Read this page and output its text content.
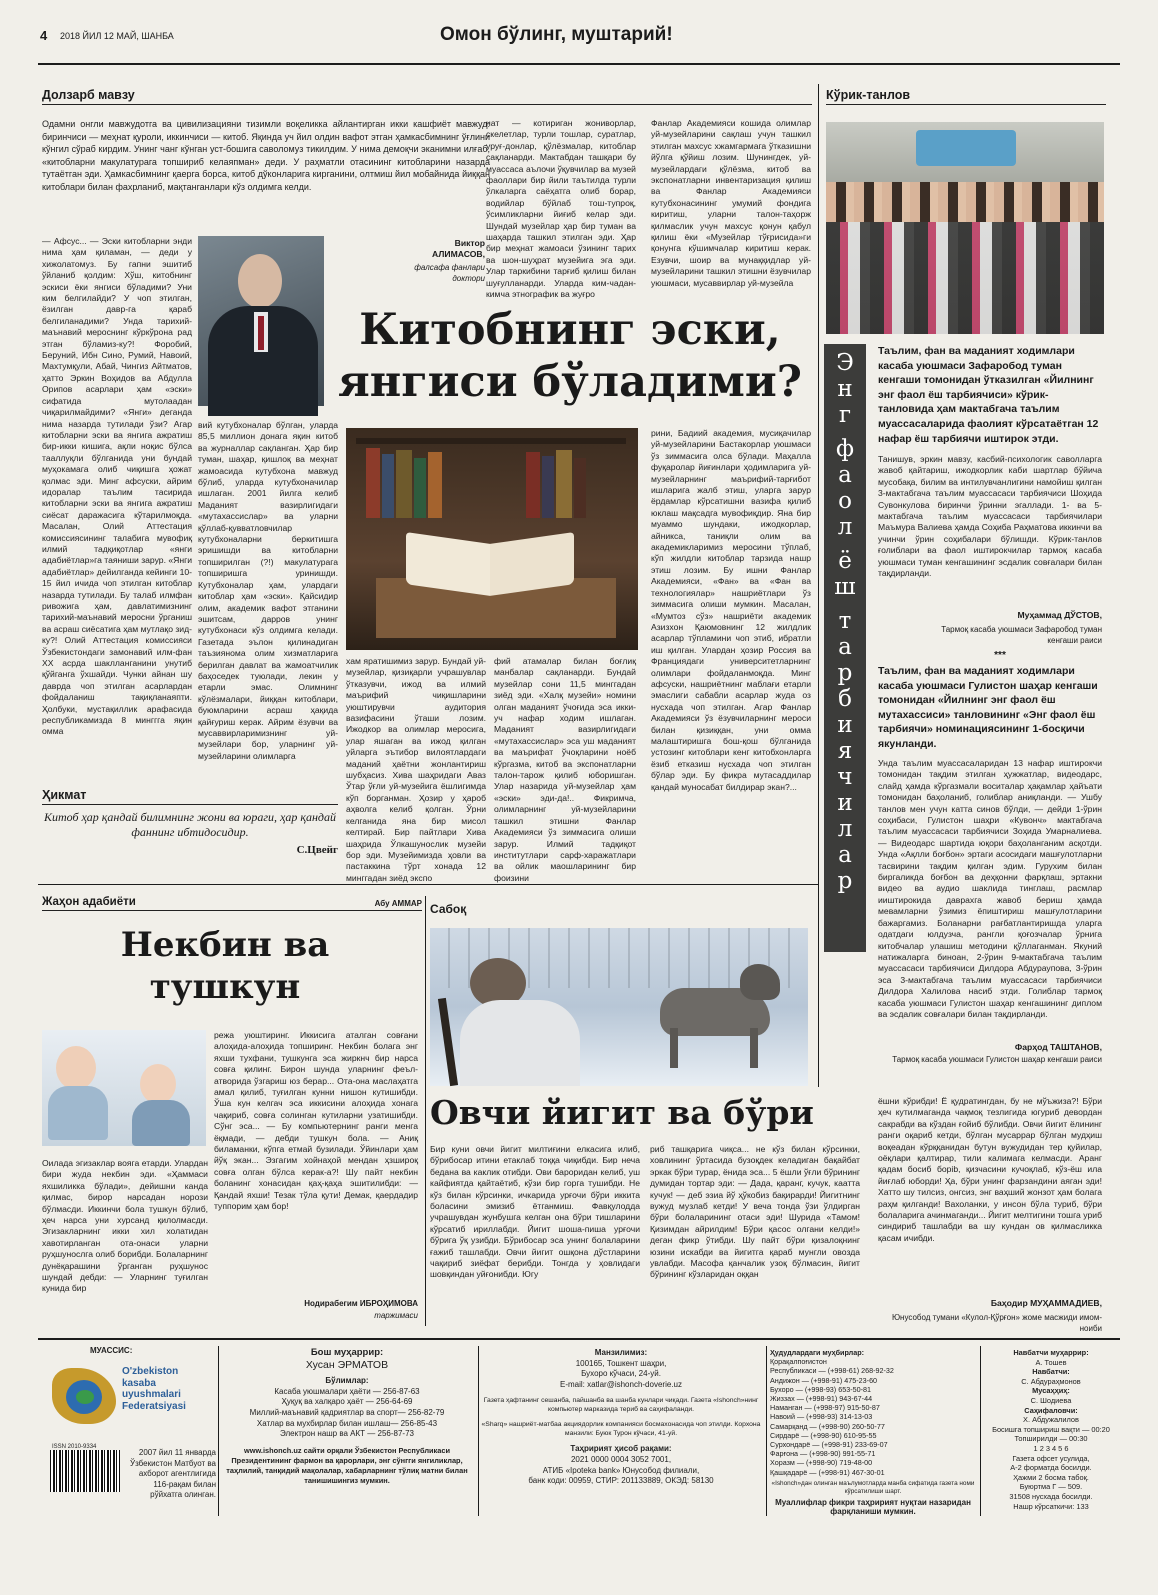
4 2018 ЙИЛ 12 МАЙ, ШАНБА	Омон бўлинг, муштарий!
Долзарб мавзу
Одамни онгли мавжудотга ва цивилизацияни тизимли воқеликка айлантирган икки кашфиёт мавжуд: биринчиси — меҳнат қуроли, иккинчиси — китоб. Яқинда уч йил олдин вафот этган ҳамкасбимнинг ўғлини кўнгил сўраб кирдим. Унинг чанг кўнган уст-бошига саволомуз тикилдим. У нима демоқчи эканимни илғаб, «китобларни макулатурага топшириб келаяпман» деди. У раҳматли отасининг китобларини назарда тутаётган эди. Ҳамкасбимнинг қаерга борса, китоб дўконларига кирганини, олтмиш йил мобайнида йиққан китоблари билан фахрланиб, мақтанганлари кўз олдимга келди.
— Афсус... — Эски китобларни энди нима ҳам қиламан, — деди у хижолатомуз. Бу гапни эшитиб ўйланиб қолдим: Хўш, китобнинг эскиси ёки янгиси бўладими? Уни ким белгилайди? У чоп этилган, ёзилган давр-га қараб белгиланадими? Унда тарихий-маънавий мероснинг кўркўрона рад этган бўламиз-ку?! Форобий, Беруний, Ибн Сино, Румий, Навоий, Махтумқули, Абай, Чингиз Айтматов, ҳатто Эркин Воҳидов ва Абдулла Орипов асарлари ҳам «эски» сифатида мутолаадан чиқарилмайдими? «Янги» деганда нима назарда тутилади ўзи? Агар китобларни эски ва янгига ажратиш бир-икки кишига, ақли ноқис бўлса тааллуқли бўлганида уни бундай муҳокамага олиб чиқишга ҳожат қолмас эди. Минг афсуски, айрим идоралар таълим тасирида китобларни эски ва янгига ажратиш сиёсат даражасига кўтарилмоқда. Масалан, Олий Аттестация комиссиясининг талабига мувофиқ илмий тадқиқотлар «янги адабиётлар»га таяниши зарур. «Янги адабиётлар» дейилганда кейинги 10-15 йил ичида чоп этилган китоблар назарда тутилади. Бу талаб илмфан ривожига ҳам, давлатимизнинг тарихий-маънавий меросни ўрганиш ва асраш сиёсатига ҳам мутлақо зид-ку?! Олий Аттестация комиссияси Ўзбекистондаги замонавий илм-фан XX асрда шаклланганини унутиб қўйганга ўхшайди. Чунки айнан шу даврда чоп этилган асарлардан фойдаланиш тақиқланаяпти. Ҳолбуки, мустақиллик арафасида республикамизда 8 минггга яқин омма
Виктор АЛИМАСОВ,
фалсафа фанлари доктори
Китобнинг эски,
янгиси бўладими?
вий кутубхоналар бўлган, уларда 85,5 миллион донага яқин китоб ва журналлар сақланган. Ҳар бир туман, шаҳар, қишлоқ ва меҳнат жамоасида кутубхона мавжуд бўлиб, уларда кутубхоначилар ишлаган. 2001 йилга келиб Маданият вазирлигидаги «мутахассислар» ва уларни қўллаб-қувватловчилар кутубхоналарни беркитишга эришишди ва китобларни топширилган (?!) макулатурага топширишга уринишди. Кутубхоналар ҳам, улардаги китоблар ҳам «эски». Қайсидир олим, академик вафот этганини эшитсам, дарров унинг кутубхонаси кўз олдимга келади. Газетада эълон қилинадиган таъзиянома олим хизматларига берилган давлат ва жамоатчилик баҳоседек туюлади, лекин у етарли эмас. Олимнинг кўлёзмалари, йиққан китоблари, буюмларини асраш ҳақида қайғуриш керак. Айрим ёзувчи ва мусаввирларимизнинг уй-музейлари бор, уларнинг уй-музейларини олимларга
нат — котириган жониворлар, скелетлар, турли тошлар, суратлар, уруғ-донлар, қўлёзмалар, китоблар сақланарди. Мактабдан ташқари бу муассаса аълочи ўқувчилар ва музей фаоллари бир йили таътилда турли ўлкаларга саёҳатга олиб борар, водийлар бўйлаб тош-тупроқ, ўсимликларни йиғиб келар эди. Шундай музейлар ҳар бир туман ва шаҳарда ташкил этилган эди. Ҳар бир меҳнат жамоаси ўзининг тарих ва шон-шуҳрат музейига эга эди. Улар таркибини тарғиб қилиш билан шуғулланарди. Уларда ким-чадан-кимча этнографик ва жуғро
Фанлар Академияси кошида олимлар уй-музейларини сақлаш учун ташкил этилган махсус хжамгармага ўтказишни йўлга қўйиш лозим. Шунингдек, уй-музейлардаги қўлёзма, китоб ва экспонатларни инвентаризация қилиш ва Фанлар Академияси кутубхонасининг умумий фондига киритиш, уларни талон-таҳорж қилмаслик учун махсус қонун қабул қилиш ёки «Музейлар тўғрисида»ги қонунга кўшимчалар киритиш керак. Езувчи, шоир ва мунаққидлар уй-музейларини ташкил этишни ёзувчилар уюшмаси, мусаввирлар уй-музейла
хам яратишимиз зарур. Бундай уй-музейлар, қизиқарли учрашувлар ўтказувчи, ижод ва илмий маърифий чиқишларини уюштирувчи аудитория вазифасини ўташи лозим. Ижодкор ва олимлар меросига, улар яшаган ва ижод қилган уйларга эътибор вилоятлардаги маданий ҳаётни жонлантириш шубҳасиз. Хива шаҳридаги Аваз Ўтар ўғли уй-музейига ёшлигимда кўп борганман. Ҳозир у ҳароб аҳволга келиб қолган. Ўрни келганида яна бир мисол келтирай. Бир пайтлари Хива шаҳрида Ўлкашунослик музейи бор эди. Музейимизда ҳовли ва пастаккина тўрт хонада 12 минггадан зиёд экспо
фий атамалар билан боғлиқ манбалар сақланарди. Бундай музейлар сони 11,5 минггадан зиёд эди. «Халқ музейи» номини олган маданият ўчоғида эса икки-уч нафар ходим ишлаган. Маданият вазирлигидаги «мутахассислар» эса уш маданият ва маърифат ўчоқларини ноёб кўргазма, китоб ва экспонатларни талон-тарож қилиб юборишган. Улар назарида уй-музейлар ҳам «эски» эди-да!.. Фикримча, олимларнинг уй-музейларини ташкил этишни Фанлар Академияси ўз зиммасига олиши зарур. Илмий тадқиқот институтлари сарф-харажатлари ва ойлик маошларининг бир фоизини
рини, Бадиий академия, мусиқачилар уй-музейларини Бастакорлар уюшмаси ўз зиммасига олса бўлади. Маҳалла фуқаролар йиғинлари ҳодимларига уй-музейларнинг маърифий-тарғибот ишларига жалб этиш, уларга зарур ёрдамлар кўрсатишни вазифа қилиб юклаш мақсадга мувофиқдир. Яна бир муаммо шундаки, ижодкорлар, айникса, таниқли олим ва академикларимиз меросини тўплаб, кўп жилдли китоблар тарзида нашр этиш лозим. Бу ишни Фанлар Академияси, «Фан» ва «Фан ва технологиялар» нашриётлари ўз зиммасига олиши мумкин. Масалан, «Мумтоз сўз» нашриёти академик Азизхон Қаюмовнинг 12 жилдлик асарлар тўпламини чоп этиб, ибратли иш қилган. Улардан ҳозир Россия ва Франциядаги университетларнинг олимлари фойдаланмоқда. Минг афсуски, нашриётнинг маблағи етарли эмаслиги сабабли асарлар жуда оз нусхада чоп этилган. Агар Фанлар Академияси ўз ёзувчиларнинг мероси билан қизиққан, уни омма малаштиришга бош-қош бўлганида устозинг китоблари кенг китобхонларга ёзиб етказиш нусхада чоп этилган бўлар эди. Бу фикра мутасаддилар қандай муносабат билдирар экан?...
Ҳикмат
Китоб ҳар қандай билимнинг жони ва юраги, ҳар қандай фаннинг ибтидосидир.
С.Цвейг
Кўрик-танлов
Э
н
г
ф
а
о
л
ё
ш
т
а
р
б
и
я
ч
и
л
а
р
Таълим, фан ва маданият ходимлари касаба уюшмаси Зафаробод туман кенгаши томонидан ўтказилган «Йилнинг энг фаол ёш тарбиячиси» кўрик-танловида ҳам мактабгача таълим муассасаларида фаолият кўрсатаётган 12 нафар ёш тарбиячи иштирок этди.
Танишув, эркин мавзу, касбий-психологик саволларга жавоб қайтариш, ижодкорлик каби шартлар бўйича мусобақа, билим ва интилувчанлигини намойиш қилган 3-мактабгача таълим муассасаси тарбиячиси Шоҳида Сувонкулова биринчи ўринни эгаллади. 1- ва 5-мактабгача таълим муассасаси тарбиячилари Маъмура Валиева ҳамда Соҳиба Раҳматова иккинчи ва учинчи ўрин соҳибалари бўлишди. Кўрик-танлов ғолиблари ва фаол иштирокчилар тармоқ касаба уюшмаси туман кенгашининг эсдалик совғалари билан тақдирланди.
Муҳаммад ДЎСТОВ,
Тармоқ касаба уюшмаси Зафаробод туман кенгаши раиси
***
Таълим, фан ва маданият ходимлари касаба уюшмаси Гулистон шаҳар кенгаши томонидан «Йилнинг энг фаол ёш мутахассиси» танловининг «Энг фаол ёш тарбиячи» номинациясининг 1-босқичи якунланди.
Унда таълим муассасаларидан 13 нафар иштирокчи томонидан тақдим этилган ҳужжатлар, видеодарс, слайд ҳамда кўргазмали воситалар ҳақамлар ҳайъати томонидан баҳоланиб, голиблар аниқланди. — Ушбу танлов мен учун катта синов бўлди, — дейди 1-ўрин соҳибаси, Гулистон шаҳри «Кувонч» мактабгача таълим муассасаси тарбиячиси Зоҳида Умарналиева. — Видеодарс шартида юқори баҳоланганим асқотди. Унда «Ақлли боғбон» эртаги асосидаги машғулотларни тасвирини тақдим қилган эдим. Гурухим билан биргаликда боғбон ва деҳқонни фарқлаш, эртакни видео ва аудио шаклида тинглаш, расмлар ииштирокида даврахга жавоб бериш ҳамда мевамларни ўзимиз ёпиштириш машғулотларини бажаргамиз. Боланарни рағбатлантиришда уларга одатдаги юлдузча, рангли қоғозчалар ўрнига китобчалар улашиш методини қўллаганман. Якуний натижаларга биноан, 2-ўрин 9-мактабгача таълим муассасаси тарбиячиси Дилдора Абдураупова, 3-ўрин эса 3-мактабгача таълим муассасаси тарбиячиси Дилдора Халилова насиб этди. Голиблар тармоқ касаба уюшмаси Гулистон шаҳар кенгашининг диплом ва эсдалик совғалари билан тақдирланди.
Фарҳод ТАШТАНОВ,
Тармоқ касаба уюшмаси Гулистон шаҳар кенгаши раиси
Жаҳон адабиёти	Абу АММАР
Некбин ва
тушкун
режа уюштиринг. Иккисига аталган совғани алоҳида-алоҳида топширинг. Некбин болага энг яхши тухфани, тушкунга эса жиркнч бир нарса совға қилинг. Бирон шунда уларнинг феъл-атворида ўзгариш юз берар... Ота-она маслаҳатга амал қилиб, туғилган кунни нишон кутишибди. Ўша кун келгач эса иккисини алоҳида хонага чақириб, совға солинган кутиларни узатишибди. Сўнг эса... — Бу компьютернинг ранги менга ёқмади, — дебди тушкун бола. — Аниқ биламанки, кўпга етмай бузилади. Ўйинлари ҳам йўқ экан... Эзгагим хойнаҳой мендан ҳзшироқ совға олган бўлса керак-а?! Шу пайт некбин боланинг хонасидан қаҳ-қаҳа эшитилибди: — Қандай яхши! Тезак тўла қути! Демак, қаердадир туппорим ҳам бор!
Оилада эгизаклар вояга етарди. Улардан бири жуда некбин эди. «Ҳаммаси яхшиликка бўлади», дейишни канда қилмас, бирор нарсадан норози бўлмасди. Иккинчи бола тушкун бўлиб, ҳеч нарса уни хурсанд қилолмасди. Эгизакларнинг икки хил холатидан хавотирланган ота-онаси уларни руҳшунослга олиб борибди. Болаларнинг дунёқарашини ўрганган руҳшунос шундай дебди: — Уларнинг туғилган кунида бир
Нодирабегим ИБРОҲИМОВА
таржимаси
Сабоқ
Овчи йигит ва бўри
Бир куни овчи йигит милтиғини елкасига илиб, бўрибосар итини етаклаб тоққа чиқибди. Бир неча бедана ва каклик отибди. Ови бароридан келиб, уш кайфиятда қайтаётиб, кўзи бир горга тушибди. Не кўз билан кўрсинки, ичкарида урғочи бўри иккита боласини эмизиб ётганмиш. Фавқулодда учрашувдан жунбушга келган она бўри тишларини кўрсатиб ириллабди. Йигит шоша-пиша урғочи бўрига ўқ узибди. Бўрибосар эса унинг болаларини ғажиб ташлабди. Овчи йигит ошқона дўстларини чақириб зиёфат берибди. Тонгда у ҳовлидаги шовқиндан уйғонибди. Югу
риб ташқарига чиқса... не кўз билан кўрсинки, ховлининг ўртасида бузоқдек келадиган бақайбат эркак бўри турар, ёнида эса... 5 ёшли ўғли бўрининг думидан тортар эди: — Дада, қаранг, кучук, каатта кучук! — деб эзиа йў ҳўкобиз бақирарди! Йигитнинг вужуд музлаб кетди! У веча тонда ўзи ўлдирган бўри болаларининг отаси эди! Шурида «Тамом! Қизимдан айрилдим! Бўри қасос олгани келди!» деган фикр ўтибди. Шу пайт бўри қизалоқнинг юзини искабди ва йигитга қараб мунгли овозда увлабди. Масофа қанчалик узоқ бўлмасин, йигит бўрининг кўзларидан оққан
ёшни кўрибди! Ё қудратингдан, бу не мўъжиза?! Бўри ҳеч кутилмаганда чақмоқ тезлигида югуриб девордан сакрабди ва кўздан ғойиб бўлибди. Овчи йигит ёлининг ранги оқариб кетди, бўлган мусаррар бўлган мудҳиш воқеадан кўрққанидан бутун вужудидан тер қуйилар, оёқлари қалтирар, тили калимага келмасди. Аранг қадам босиб борib, қизчасини кучоқлаб, кўз-ёш ила йиғлаб юборди! Ҳа, бўри унинг фарзандини аяган эди! Хатто шу тилсиз, онгсиз, энг ваҳший жонзот ҳам болага раҳм қилганди! Вахоланки, у инсон бўла туриб, бўри болаларига ачинмаганди... Йигит мелтигини тошга уриб синдириб ташлабди ва шу кундан ов қилмасликка қасам ичибди.
Баҳодир МУҲАММАДИЕВ,
Юнусобод тумани «Кулол-Қўрғон» жоме масжиди имом-ноиби
МУАССИС:
O'zbekiston
kasaba
uyushmalari
Federatsiyasi
ISSN 2010-9334
2007 йил 11 январда Ўзбекистон Матбуот ва ахборот агентлигида 116-рақам билан рўйхатга олинган.
Бош муҳаррир:
Хусан ЭРМАТОВ
Бўлимлар:
Касаба уюшмалари ҳаёти — 256-87-63
Ҳуқуқ ва халқаро ҳаёт — 256-64-69
Миллий-маънавий қадриятлар ва спорт— 256-82-79
Хатлар ва мухбирлар билан ишлаш— 256-85-43
Электрон нашр ва АКТ — 256-87-73
www.ishonch.uz сайти орқали Ўзбекистон Республикаси Президентининг фармон ва қарорлари, энг сўнгги янгиликлар, таҳлилий, танқидий мақолалар, хабарларнинг тўлиқ матни билан танишишингиз мумкин.
Манзилимиз:
100165, Тошкент шаҳри,
Бухоро кўчаси, 24-уй.
E-mail: xatlar@ishonch-doverie.uz
Газета ҳафтанинг сешанба, пайшанба ва шанба кунлари чиқади. Газета «Ishonch»нинг компьютер марказида териб ва саҳифаланди.
«Sharq» нашриёт-матбаа акциядорлик компанияси босмахонасида чоп этилди. Корхона манзили: Буюк Турон кўчаси, 41-уй.
Таҳририят ҳисоб рақами:
2021 0000 0004 3052 7001,
АТИБ «Ipoteka bank» Юнусобод филиали,
банк коди: 00959, СТИР: 201133889, ОКЭД: 58130
Ҳудудлардаги муҳбирлар:
Қорақалпоғистон
Республикаси — (+998-61) 268-92-32
Андижон — (+998-91) 475-23-60
Бухоро — (+998-93) 653-50-81
Жиззах — (+998-91) 943-67-44
Наманган — (+998-97) 915-50-87
Навоий — (+998-93) 314-13-03
Самарқанд — (+998-90) 260-50-77
Сирдарё — (+998-90) 610-95-55
Сурхондарё — (+998-91) 233-69-07
Фарғона — (+998-90) 991-55-71
Хоразм — (+998-90) 719-48-00
Қашқадарё — (+998-91) 467-30-01
«Ishonch»дан олинган маълумотларда манба сифатида газета номи кўрсатилиши шарт.
Муаллифлар фикри таҳририят нуқтаи назаридан фарқланиши мумкин.
Навбатчи муҳаррир:
А. Тошев
Навбатчи:
С. Абдураҳмонов
Мусаҳҳиҳ:
С. Шодиева
Саҳифаловчи:
Х. Абдужалилов
Босишга топшириш вақти — 00:20
Топширилди — 00:30
1 2 3 4 5 6
Газета офсет усулида,
А-2 форматда босилди.
Ҳажми 2 босма табоқ.
Буюртма Г — 509.
31508 нусхада босилди.
Нашр кўрсаткичи: 133
